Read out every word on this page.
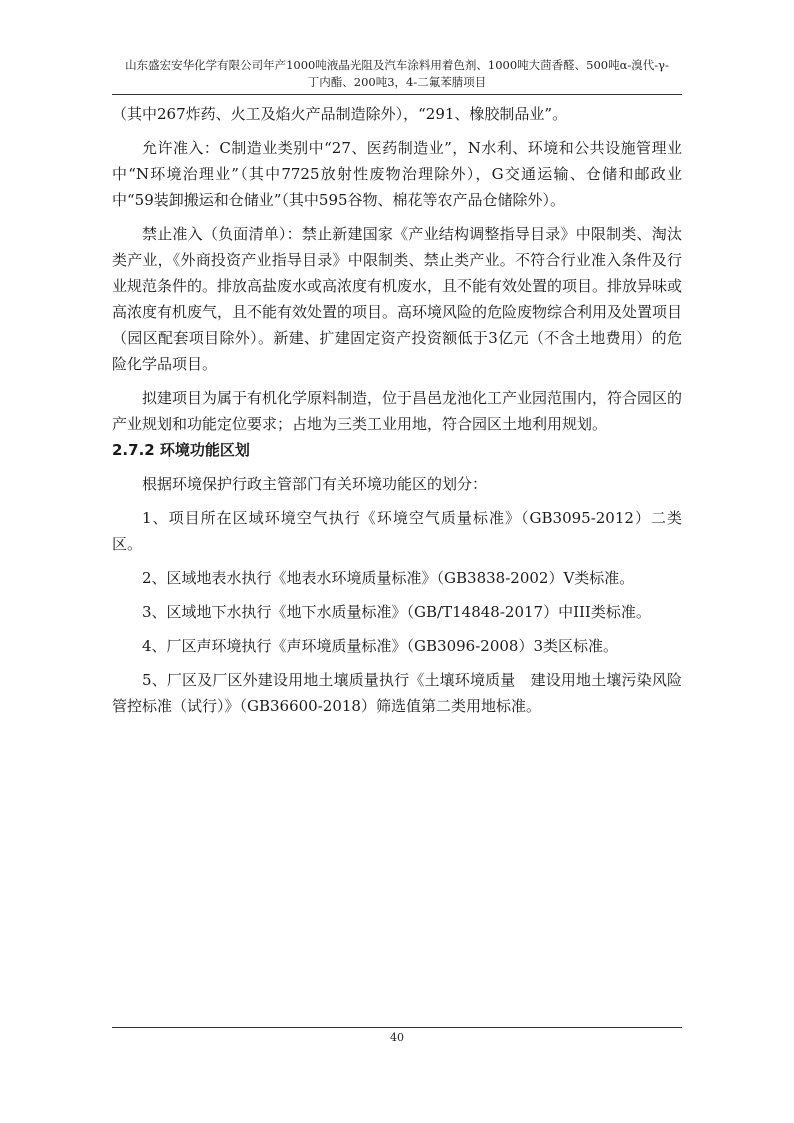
山东盛宏安华化学有限公司年产1000吨液晶光阻及汽车涂料用着色剂、1000吨大茴香醛、500吨α-溴代-γ-
丁内酯、200吨3，4-二氟苯腈项目

（其中267炸药、火工及焰火产品制造除外），“291、橡胶制品业”。

允许准入：C制造业类别中“27、医药制造业”，N水利、环境和公共设施管理业中“N环境治理业”（其中7725放射性废物治理除外），G交通运输、仓储和邮政业中“59装卸搬运和仓储业”（其中595谷物、棉花等农产品仓储除外）。

禁止准入（负面清单）：禁止新建国家《产业结构调整指导目录》中限制类、淘汰类产业，《外商投资产业指导目录》中限制类、禁止类产业。不符合行业准入条件及行业规范条件的。排放高盐废水或高浓度有机废水，且不能有效处置的项目。排放异味或高浓度有机废气，且不能有效处置的项目。高环境风险的危险废物综合利用及处置项目（园区配套项目除外）。新建、扩建固定资产投资额低于3亿元（不含土地费用）的危险化学品项目。

拟建项目为属于有机化学原料制造，位于昌邑龙池化工产业园范围内，符合园区的产业规划和功能定位要求；占地为三类工业用地，符合园区土地利用规划。

2.7.2 环境功能区划

根据环境保护行政主管部门有关环境功能区的划分：

1、项目所在区域环境空气执行《环境空气质量标准》（GB3095-2012）二类区。

2、区域地表水执行《地表水环境质量标准》（GB3838-2002）V类标准。

3、区域地下水执行《地下水质量标准》（GB/T14848-2017）中III类标准。

4、厂区声环境执行《声环境质量标准》（GB3096-2008）3类区标准。

5、厂区及厂区外建设用地土壤质量执行《土壤环境质量　建设用地土壤污染风险管控标准（试行）》（GB36600-2018）筛选值第二类用地标准。

40
